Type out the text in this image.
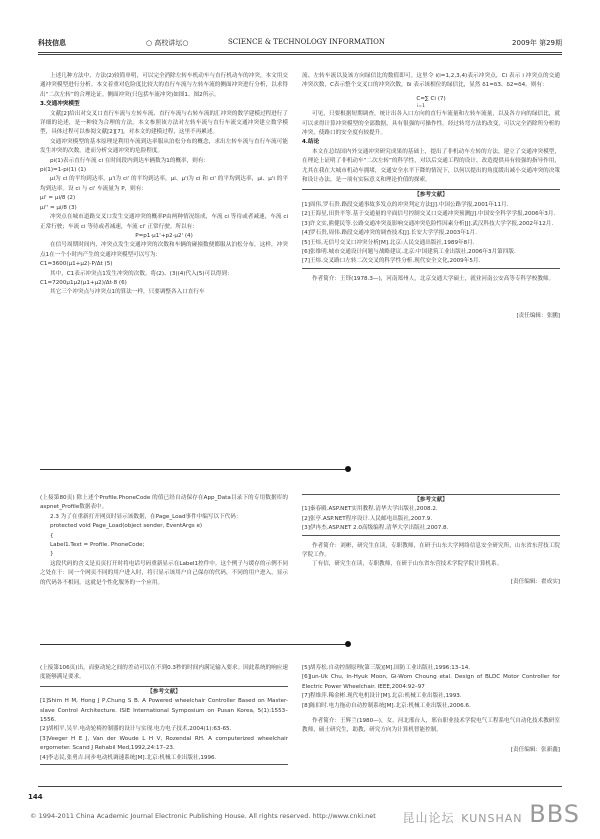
科技信息	○ 高校讲坛○	SCIENCE & TECHNOLOGY INFORMATION	2009年 第29期

上述几种方法中，方法(2)较简单明，可以完全消除左转车机动车与直行机动车的冲突，本文用交通冲突模型进行分析。本文着重对危险度比较大的直行车流与左转车流的侧面冲突进行分析，以求得出“二次左转”的合理论证。侧面冲突(只包括车流冲突)如图1、图2所示。

3.交通冲突模型

文献[2]给出对交叉口直行车流与左转车流、直行车流与右转车流的汇冲突的数学建模过程进行了详细的论述，是一种较为合理的方法。本文参照该方法对左转车流与直行车流交通冲突建立数学模型，具体过程可以参阅文献[2][7]，对本文的建模过程，这里不再累述。

交通冲突模型的基本原理是利用车流到达率服从泊松分布的概念，求出左转车流与直行车流可能发生冲突的次数，进而分析交通冲突的危险程度。

pi(1)表示直行车流 ci 在时间段内到达车辆数为1的概率，则有：

pi(1)=1-pi(1) (1)

μi为 ci 的平均到达率，μ'i为 ci' 的平均到达率，μi、μ'i为 ci 和 ci' 的平均到达率，μi、μ'i 的平均到达率。设 ci 与 ci' 车流量为 P，则有：

μi' = μi/8 (2)

μi'' = μi/8 (3)

冲突点在城市道路交叉口发生交通冲突的概率P由两种情况组成，车流 ci 等待或者减速，车流 ci 正常行驶；车流 ci 等待或者减速，车流 ci' 正常行驶。所以有：

P=p1·μ1'+p2·μ2' (4)

在信号周期时间内，冲突点发生交通冲突的次数和车辆的碰撞数便都服从泊松分布，这样，冲突点1在一个小时内产生的交通冲突模型可以写为：

C1=3600(μ1+μ2)·P/Δt (5)

其中，C1表示冲突点1发生冲突的次数。将(2)、(3)(4)代入(5)可以得到：

C1=7200μ1μ2(μ1+μ2)/Δt·8 (6)

其它三个冲突点与冲突点1的算法一样，只要调整各入口直行车

流、左转车流以及该方向绿信比的数值即可。这里令 i(i=1,2,3,4)表示冲突点，Ci 表示 i 冲突点的交通冲突次数，C表示整个交叉口的冲突次数，δi 表示该相位的绿信比，显然 δ1=δ3、δ2=δ4。则有：

C=∑ Ci (7)

i=1

可见，只要根据短期调查，统计出各入口方向的直行车流量和左转车流量，以及各方向的绿信比，就可以求得计算冲突模型的全部数据，具有很强的可操作性。经过转弯方法的改变，可以完全消除所分析的冲突，使路口的安全度有较提升。

4.结论

本文在总结国内外交通冲突研究成果的基础上，提出了非机动车左转的方法，建立了交通冲突模型，在理论上证明了非机动车“二次左转”的科学性，对以后交通工程的设计、改造提供具有较强的指导作用，尤其在我在大城市机动车拥堵，交通安全水平下降的情况下，以何以提出的角度缓出减小交通冲突的决策和设计办法，是一项有实际意义和理论价值的探索。

【参考文献】

[1]周伟,罗石贵.路段交通事故多发点的冲突判定方法[J].中国公路学报,2001年11月.

[2]王海星,田贵平等.基于交通量的平面信号控制交叉口交通冲突预测[J].中国安全科学学报,2006年3月.

[3]许文实,熊健民等.公路交通冲突及影响交通冲突危险性因素分析[J].武汉科技大学学报,2002年12月.

[4]罗石贵,周伟.路段交通冲突的调查技术[J].长安大学学报,2003年1月.

[5]王炜,无信号交叉口冲突分析[M].北京:人民交通出版社,1989年8月.

[6]张维明.城市交通设计问题与战略建议.北京:中国建筑工业出版社,2006年3月第四版.

[7]王炜.交叉路口左转二次交叉的科学性分析.现代安全文化,2009年5月.

作者简介：王铎(1978.3—)，河南郑州人，北京交通大学硕士，就业河南公安高等专科学校教师。

[责任编辑：张鹏]

(上接第80页) 除上述个Profile.PhoneCode 的值已经自动保存在App_Data目录下的专用数据库的aspnet_Profile数据表中。

2.3 为了在重新打开网页时显示该数据，在Page_Load事件中编写以下代码：

protected void Page_Load(object sender, EventArgs e)

{

Label1.Text = Profile. PhoneCode;

}

这段代码的含义是页页打开时将电话号码重新显示在Label1控件中。这个例子与缓存的示例不同之处在于：同一个网页不同的用户进入时，将只显示该用户自己保存的代码，不同的用户进入，显示的代码各不相同。这就是个性化服务的一个应用。

【参考文献】

[1]秦春殿.ASP.NET实用教程.清华大学出版社,2008.2.

[2]张亭.ASP.NET程序设计.人民邮电出版社,2007.9.

[3]伊冉杰.ASP.NET 2.0高级编程.清华大学出版社,2007.8.

作者简介：刘彬，研究生在读，专职教师，在研于山东大学网络信息安全研究所，山东省东营技工院学院工作。

丁有信，研究生在读，专职教师，在研于山东省东营技术学院学院计算机系。

[责任编辑：翟成实]

(上接第106页)出，而驱动轮之间的差动可以在不到0.3秒的时间内满足输入要求。因此系统的响应速度能够满足要求。

【参考文献】

[1]Shim H M, Hong J P,Chung S B. A Powered wheelchair Controller Based on Master-slave Control Architecture. ISIE International Symposium on Pusan Korea, 5(1):1553–1556.

[2]胡相平,吴平.电动轮椅控制器的设计与实现.电力电子技术,2004(1):63-65.

[3]Veeger H E J, Van der Woude L H V, Rozendal RH. A computerized wheelchair ergometer. Scand J Rehabil Med,1992,24:17–23.

[4]李志民,张勇吉.同步电动机调速系统[M].北京:机械工业出版社,1996.

[5]胡寿松.自动控制原理(第三版)[M].国防工业出版社,1996:13–14.

[6]Jun-Uk Chu, In-Hyuk Moon, Gi-Wom Choung etal. Design of BLDC Motor Controller for Electric Power Wheelchair. IEEE,2004:92–97

[7]程维萍.稀金彬.现代电机设计[M].北京:机械工业出版社,1993.

[8]陈伯时.电力拖动自动控制系统[M].北京:机械工业出版社,2006.6.

作者简介：王辉兰(1980—)，女，河北邢台人，邢台职业技术学院电气工程系电气自动化技术教研室教师，硕士研究生，助教，研究方向为计算机智能控制。

[责任编辑：张新鑫]

144
© 1994-2011 China Academic Journal Electronic Publishing House. All rights reserved. http://www.cnki.net 昆山论坛 KUNSHAN BBS
